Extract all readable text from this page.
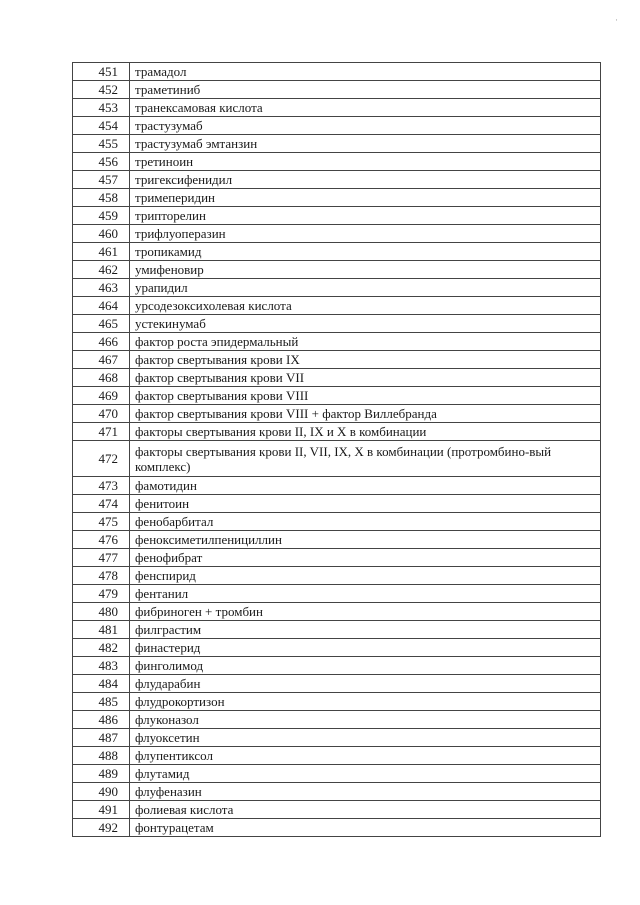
·
451	трамадол
452	траметиниб
453	транексамовая кислота
454	трастузумаб
455	трастузумаб эмтанзин
456	третиноин
457	тригексифенидил
458	тримеперидин
459	трипторелин
460	трифлуоперазин
461	тропикамид
462	умифеновир
463	урапидил
464	урсодезоксихолевая кислота
465	устекинумаб
466	фактор роста эпидермальный
467	фактор свертывания крови IX
468	фактор свертывания крови VII
469	фактор свертывания крови VIII
470	фактор свертывания крови VIII + фактор Виллебранда
471	факторы свертывания крови II, IX и X в комбинации
472	факторы свертывания крови II, VII, IX, X в комбинации (протромбино-вый комплекс)
473	фамотидин
474	фенитоин
475	фенобарбитал
476	феноксиметилпенициллин
477	фенофибрат
478	фенспирид
479	фентанил
480	фибриноген + тромбин
481	филграстим
482	финастерид
483	финголимод
484	флударабин
485	флудрокортизон
486	флуконазол
487	флуоксетин
488	флупентиксол
489	флутамид
490	флуфеназин
491	фолиевая кислота
492	фонтурацетам
